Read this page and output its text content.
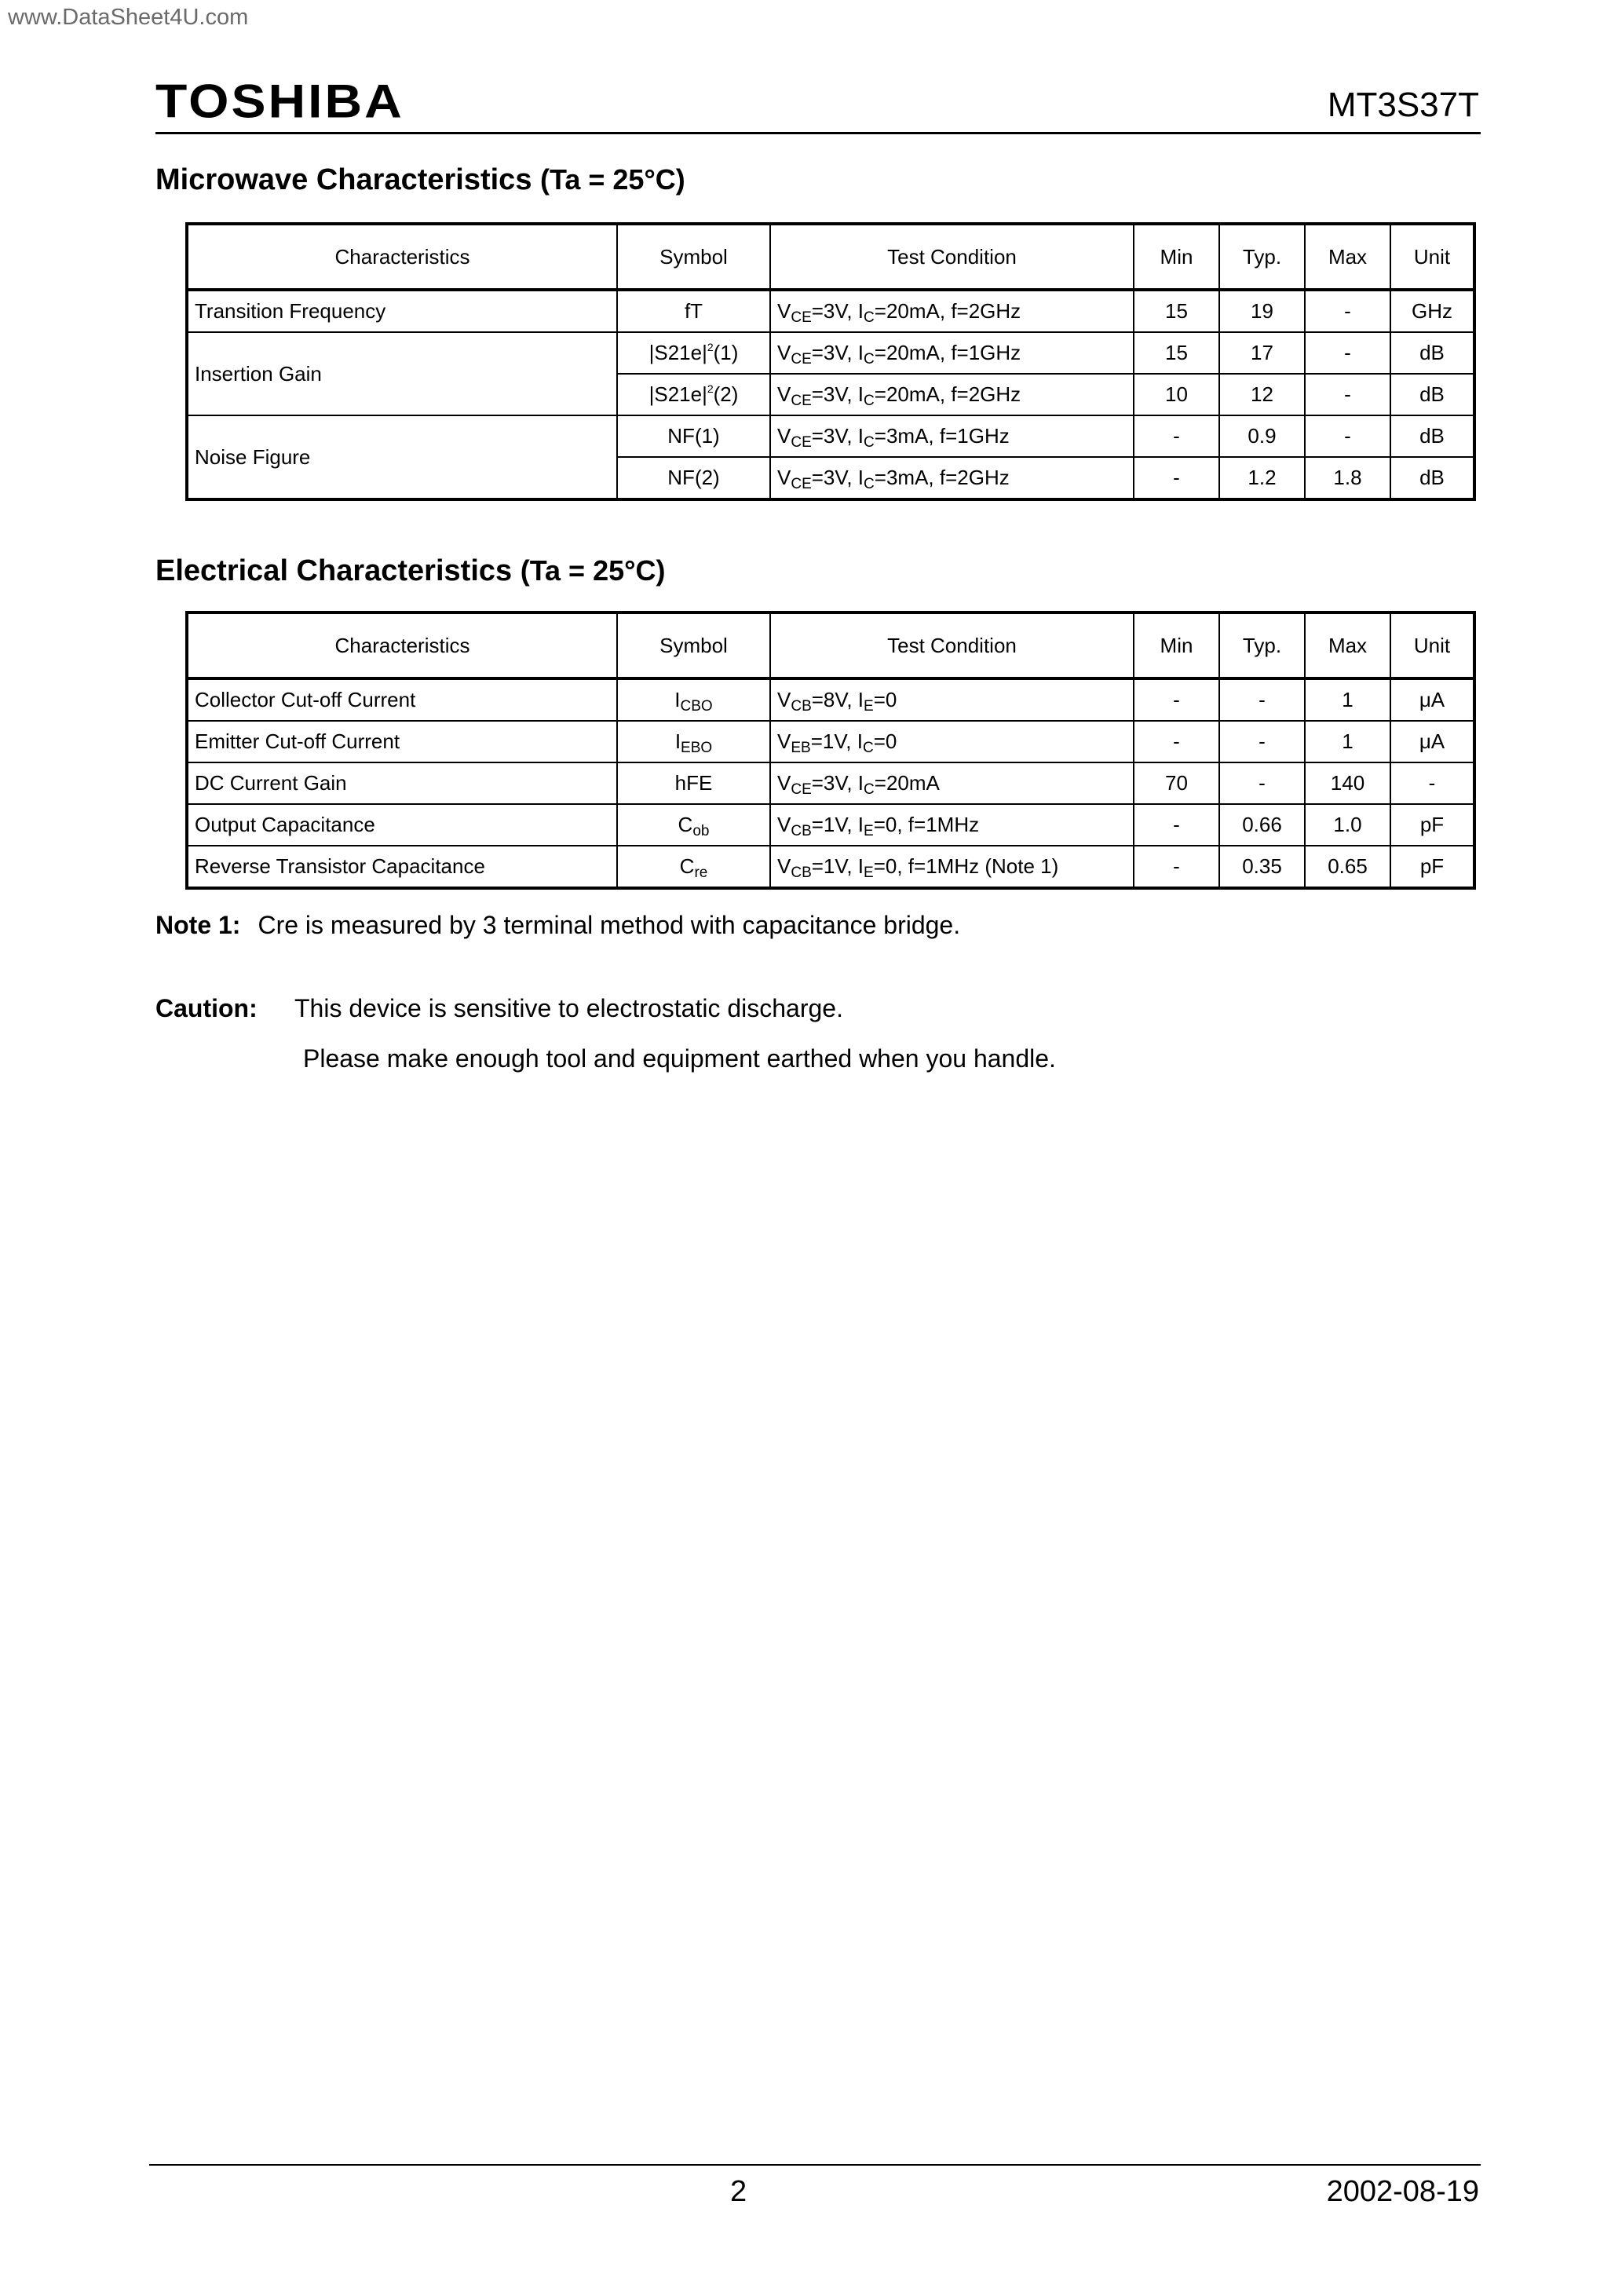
www.DataSheet4U.com
TOSHIBA	MT3S37T
Microwave Characteristics (Ta = 25°C)
Characteristics	Symbol	Test Condition	Min	Typ.	Max	Unit
Transition Frequency	fT	$V_{CE}=3V$, $I_C=20mA$, f=2GHz	15	19	-	GHz
Insertion Gain	$|S21e|^2(1)$	$V_{CE}=3V$, $I_C=20mA$, f=1GHz	15	17	-	dB
	$|S21e|^2(2)$	$V_{CE}=3V$, $I_C=20mA$, f=2GHz	10	12	-	dB
Noise Figure	NF(1)	$V_{CE}=3V$, $I_C=3mA$, f=1GHz	-	0.9	-	dB
	NF(2)	$V_{CE}=3V$, $I_C=3mA$, f=2GHz	-	1.2	1.8	dB
Electrical Characteristics (Ta = 25°C)
Characteristics	Symbol	Test Condition	Min	Typ.	Max	Unit
Collector Cut-off Current	$I_{CBO}$	$V_{CB}=8V$, $I_E=0$	-	-	1	μA
Emitter Cut-off Current	$I_{EBO}$	$V_{EB}=1V$, $I_C=0$	-	-	1	μA
DC Current Gain	hFE	$V_{CE}=3V$, $I_C=20mA$	70	-	140	-
Output Capacitance	$C_{ob}$	$V_{CB}=1V$, $I_E=0$, f=1MHz	-	0.66	1.0	pF
Reverse Transistor Capacitance	$C_{re}$	$V_{CB}=1V$, $I_E=0$, f=1MHz (Note 1)	-	0.35	0.65	pF
Note 1: Cre is measured by 3 terminal method with capacitance bridge.
Caution: This device is sensitive to electrostatic discharge.
Please make enough tool and equipment earthed when you handle.
2	2002-08-19
